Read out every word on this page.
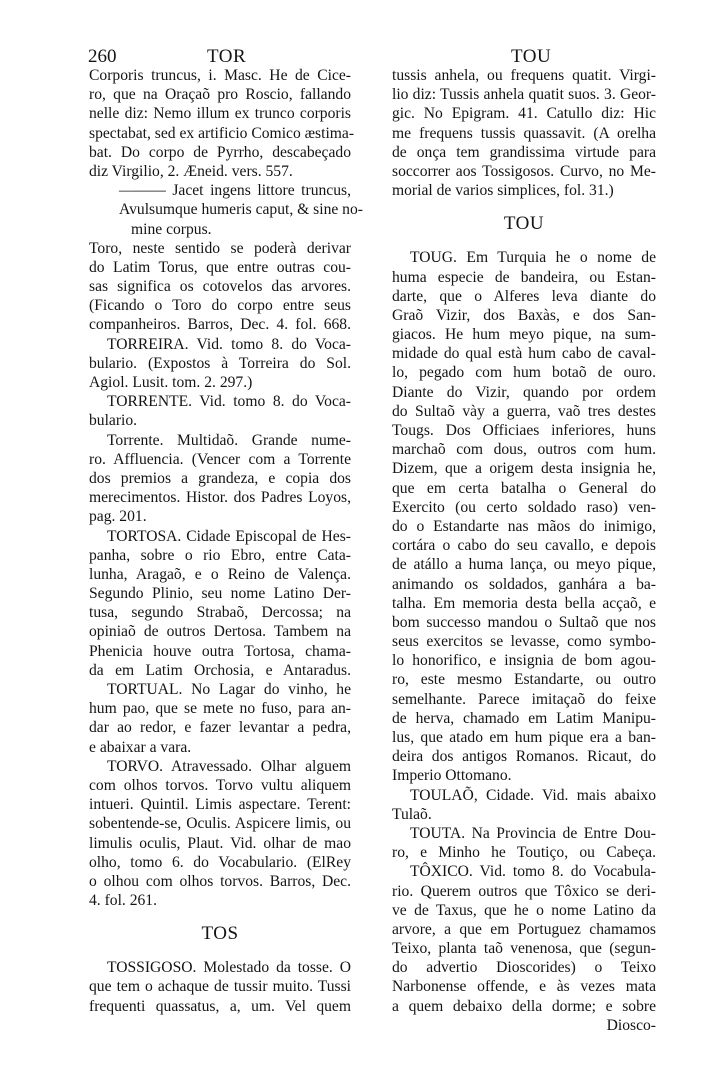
260	TOR	TOU
Corporis truncus, i. Masc. He de Cice-
ro, que na Oraçaõ pro Roscio, fallando
nelle diz: Nemo illum ex trunco corporis
spectabat, sed ex artificio Comico æstima-
bat. Do corpo de Pyrrho, descabeçado
diz Virgilio, 2. Æneid. vers. 557.
——— Jacet ingens littore truncus,
Avulsumque humeris caput, & sine no-
mine corpus.
Toro, neste sentido se poderà derivar
do Latim Torus, que entre outras cou-
sas significa os cotovelos das arvores.
(Ficando o Toro do corpo entre seus
companheiros. Barros, Dec. 4. fol. 668.
TORREIRA. Vid. tomo 8. do Voca-
bulario. (Expostos à Torreira do Sol.
Agiol. Lusit. tom. 2. 297.)
TORRENTE. Vid. tomo 8. do Voca-
bulario.
Torrente. Multidaõ. Grande nume-
ro. Affluencia. (Vencer com a Torrente
dos premios a grandeza, e copia dos
merecimentos. Histor. dos Padres Loyos,
pag. 201.
TORTOSA. Cidade Episcopal de Hes-
panha, sobre o rio Ebro, entre Cata-
lunha, Aragaõ, e o Reino de Valença.
Segundo Plinio, seu nome Latino Der-
tusa, segundo Strabaõ, Dercossa; na
opiniaõ de outros Dertosa. Tambem na
Phenicia houve outra Tortosa, chama-
da em Latim Orchosia, e Antaradus.
TORTUAL. No Lagar do vinho, he
hum pao, que se mete no fuso, para an-
dar ao redor, e fazer levantar a pedra,
e abaixar a vara.
TORVO. Atravessado. Olhar alguem
com olhos torvos. Torvo vultu aliquem
intueri. Quintil. Limis aspectare. Terent:
sobentende-se, Oculis. Aspicere limis, ou
limulis oculis, Plaut. Vid. olhar de mao
olho, tomo 6. do Vocabulario. (ElRey
o olhou com olhos torvos. Barros, Dec.
4. fol. 261.
TOS
TOSSIGOSO. Molestado da tosse. O
que tem o achaque de tussir muito. Tussi
frequenti quassatus, a, um. Vel quem
tussis anhela, ou frequens quatit. Virgi-
lio diz: Tussis anhela quatit suos. 3. Geor-
gic. No Epigram. 41. Catullo diz: Hic
me frequens tussis quassavit. (A orelha
de onça tem grandissima virtude para
soccorrer aos Tossigosos. Curvo, no Me-
morial de varios simplices, fol. 31.)
TOU
TOUG. Em Turquia he o nome de
huma especie de bandeira, ou Estan-
darte, que o Alferes leva diante do
Graõ Vizir, dos Baxàs, e dos San-
giacos. He hum meyo pique, na sum-
midade do qual està hum cabo de caval-
lo, pegado com hum botaõ de ouro.
Diante do Vizir, quando por ordem
do Sultaõ vày a guerra, vaõ tres destes
Tougs. Dos Officiaes inferiores, huns
marchaõ com dous, outros com hum.
Dizem, que a origem desta insignia he,
que em certa batalha o General do
Exercito (ou certo soldado raso) ven-
do o Estandarte nas mãos do inimigo,
cortára o cabo do seu cavallo, e depois
de atállo a huma lança, ou meyo pique,
animando os soldados, ganhára a ba-
talha. Em memoria desta bella acçaõ, e
bom successo mandou o Sultaõ que nos
seus exercitos se levasse, como symbo-
lo honorifico, e insignia de bom agou-
ro, este mesmo Estandarte, ou outro
semelhante. Parece imitaçaõ do feixe
de herva, chamado em Latim Manipu-
lus, que atado em hum pique era a ban-
deira dos antigos Romanos. Ricaut, do
Imperio Ottomano.
TOULAÕ, Cidade. Vid. mais abaixo
Tulaõ.
TOUTA. Na Provincia de Entre Dou-
ro, e Minho he Toutiço, ou Cabeça.
TÔXICO. Vid. tomo 8. do Vocabula-
rio. Querem outros que Tôxico se deri-
ve de Taxus, que he o nome Latino da
arvore, a que em Portuguez chamamos
Teixo, planta taõ venenosa, que (segun-
do advertio Dioscorides) o Teixo
Narbonense offende, e às vezes mata
a quem debaixo della dorme; e sobre
Diosco-
